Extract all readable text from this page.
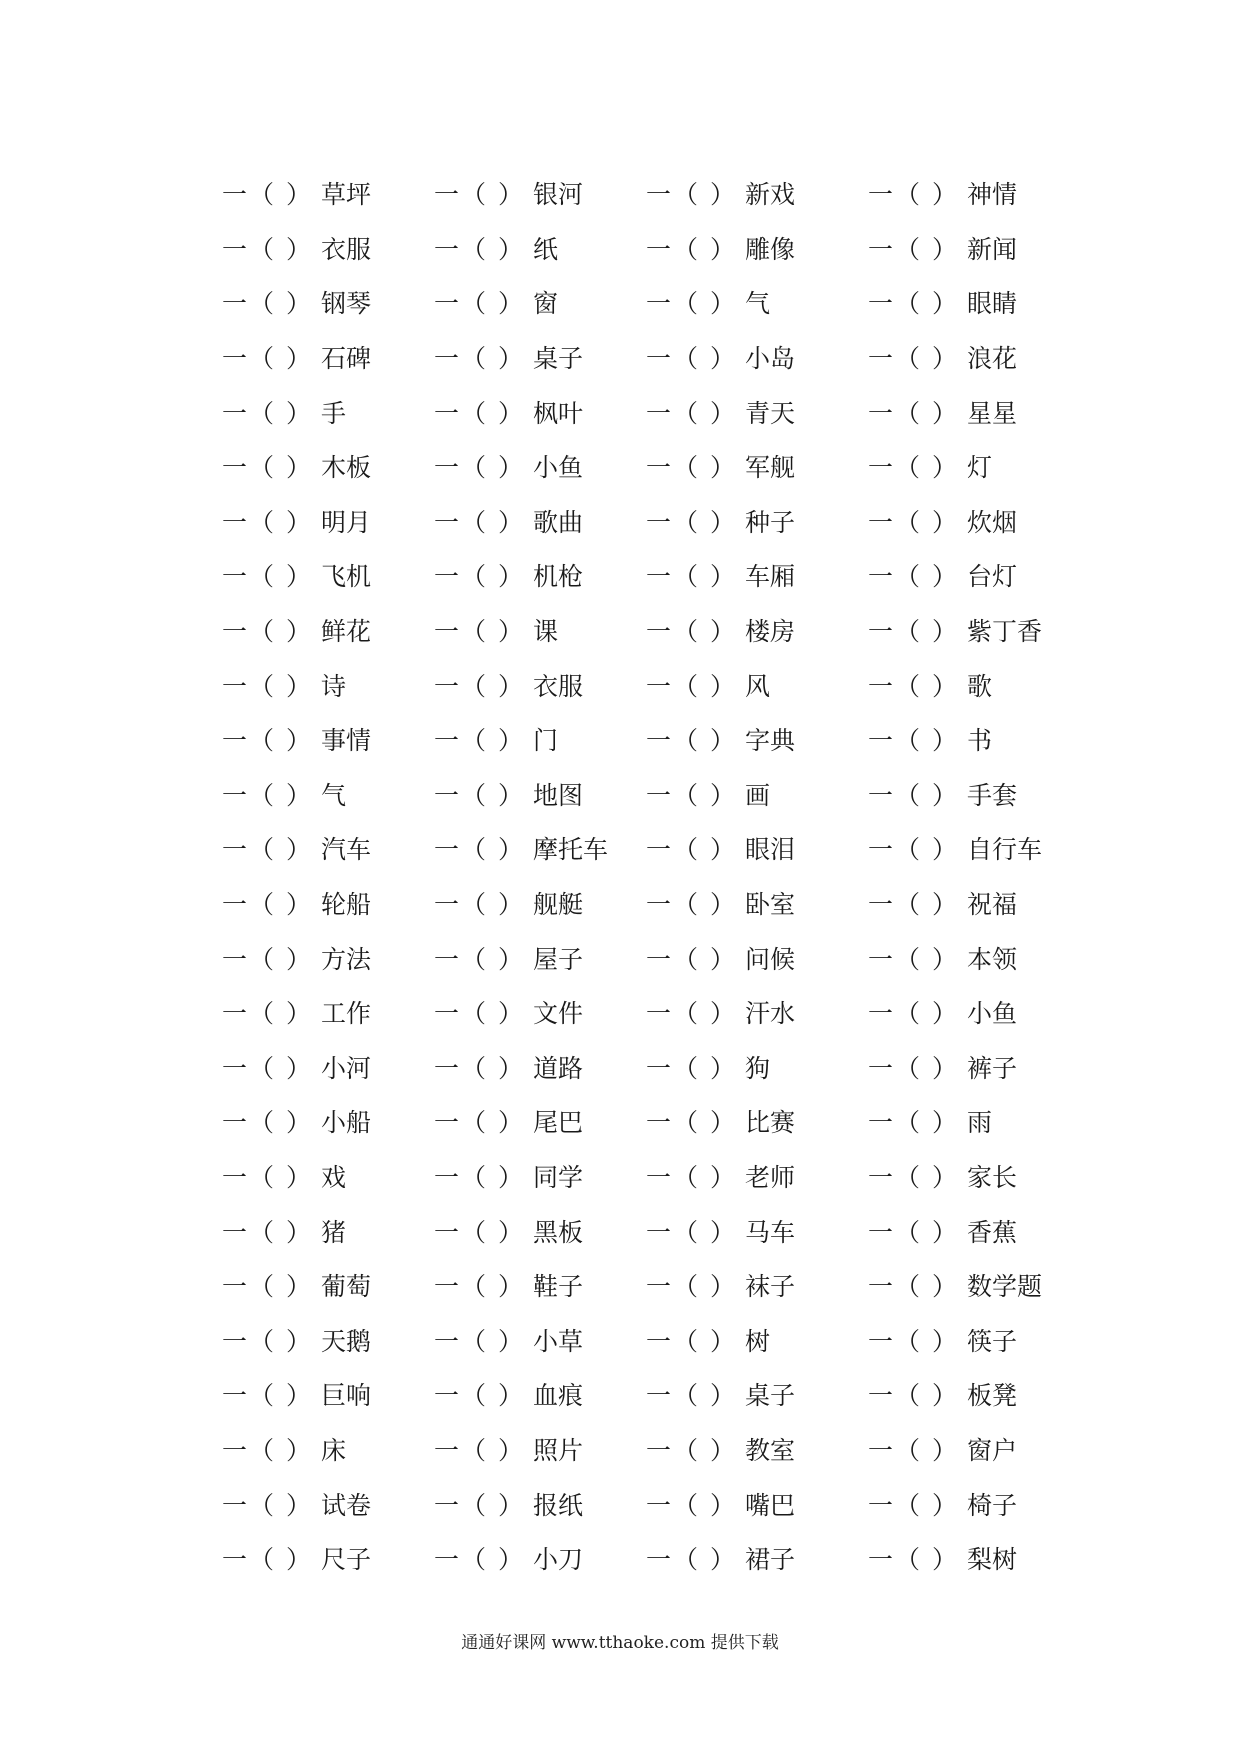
一（ ） 草坪	一（ ） 银河	一（ ） 新戏	一（ ） 神情
一（ ） 衣服	一（ ） 纸	一（ ） 雕像	一（ ） 新闻
一（ ） 钢琴	一（ ） 窗	一（ ） 气	一（ ） 眼睛
一（ ） 石碑	一（ ） 桌子	一（ ） 小岛	一（ ） 浪花
一（ ） 手	一（ ） 枫叶	一（ ） 青天	一（ ） 星星
一（ ） 木板	一（ ） 小鱼	一（ ） 军舰	一（ ） 灯
一（ ） 明月	一（ ） 歌曲	一（ ） 种子	一（ ） 炊烟
一（ ） 飞机	一（ ） 机枪	一（ ） 车厢	一（ ） 台灯
一（ ） 鲜花	一（ ） 课	一（ ） 楼房	一（ ） 紫丁香
一（ ） 诗	一（ ） 衣服	一（ ） 风	一（ ） 歌
一（ ） 事情	一（ ） 门	一（ ） 字典	一（ ） 书
一（ ） 气	一（ ） 地图	一（ ） 画	一（ ） 手套
一（ ） 汽车	一（ ） 摩托车	一（ ） 眼泪	一（ ） 自行车
一（ ） 轮船	一（ ） 舰艇	一（ ） 卧室	一（ ） 祝福
一（ ） 方法	一（ ） 屋子	一（ ） 问候	一（ ） 本领
一（ ） 工作	一（ ） 文件	一（ ） 汗水	一（ ） 小鱼
一（ ） 小河	一（ ） 道路	一（ ） 狗	一（ ） 裤子
一（ ） 小船	一（ ） 尾巴	一（ ） 比赛	一（ ） 雨
一（ ） 戏	一（ ） 同学	一（ ） 老师	一（ ） 家长
一（ ） 猪	一（ ） 黑板	一（ ） 马车	一（ ） 香蕉
一（ ） 葡萄	一（ ） 鞋子	一（ ） 袜子	一（ ） 数学题
一（ ） 天鹅	一（ ） 小草	一（ ） 树	一（ ） 筷子
一（ ） 巨响	一（ ） 血痕	一（ ） 桌子	一（ ） 板凳
一（ ） 床	一（ ） 照片	一（ ） 教室	一（ ） 窗户
一（ ） 试卷	一（ ） 报纸	一（ ） 嘴巴	一（ ） 椅子
一（ ） 尺子	一（ ） 小刀	一（ ） 裙子	一（ ） 梨树
通通好课网 www.tthaoke.com 提供下载
